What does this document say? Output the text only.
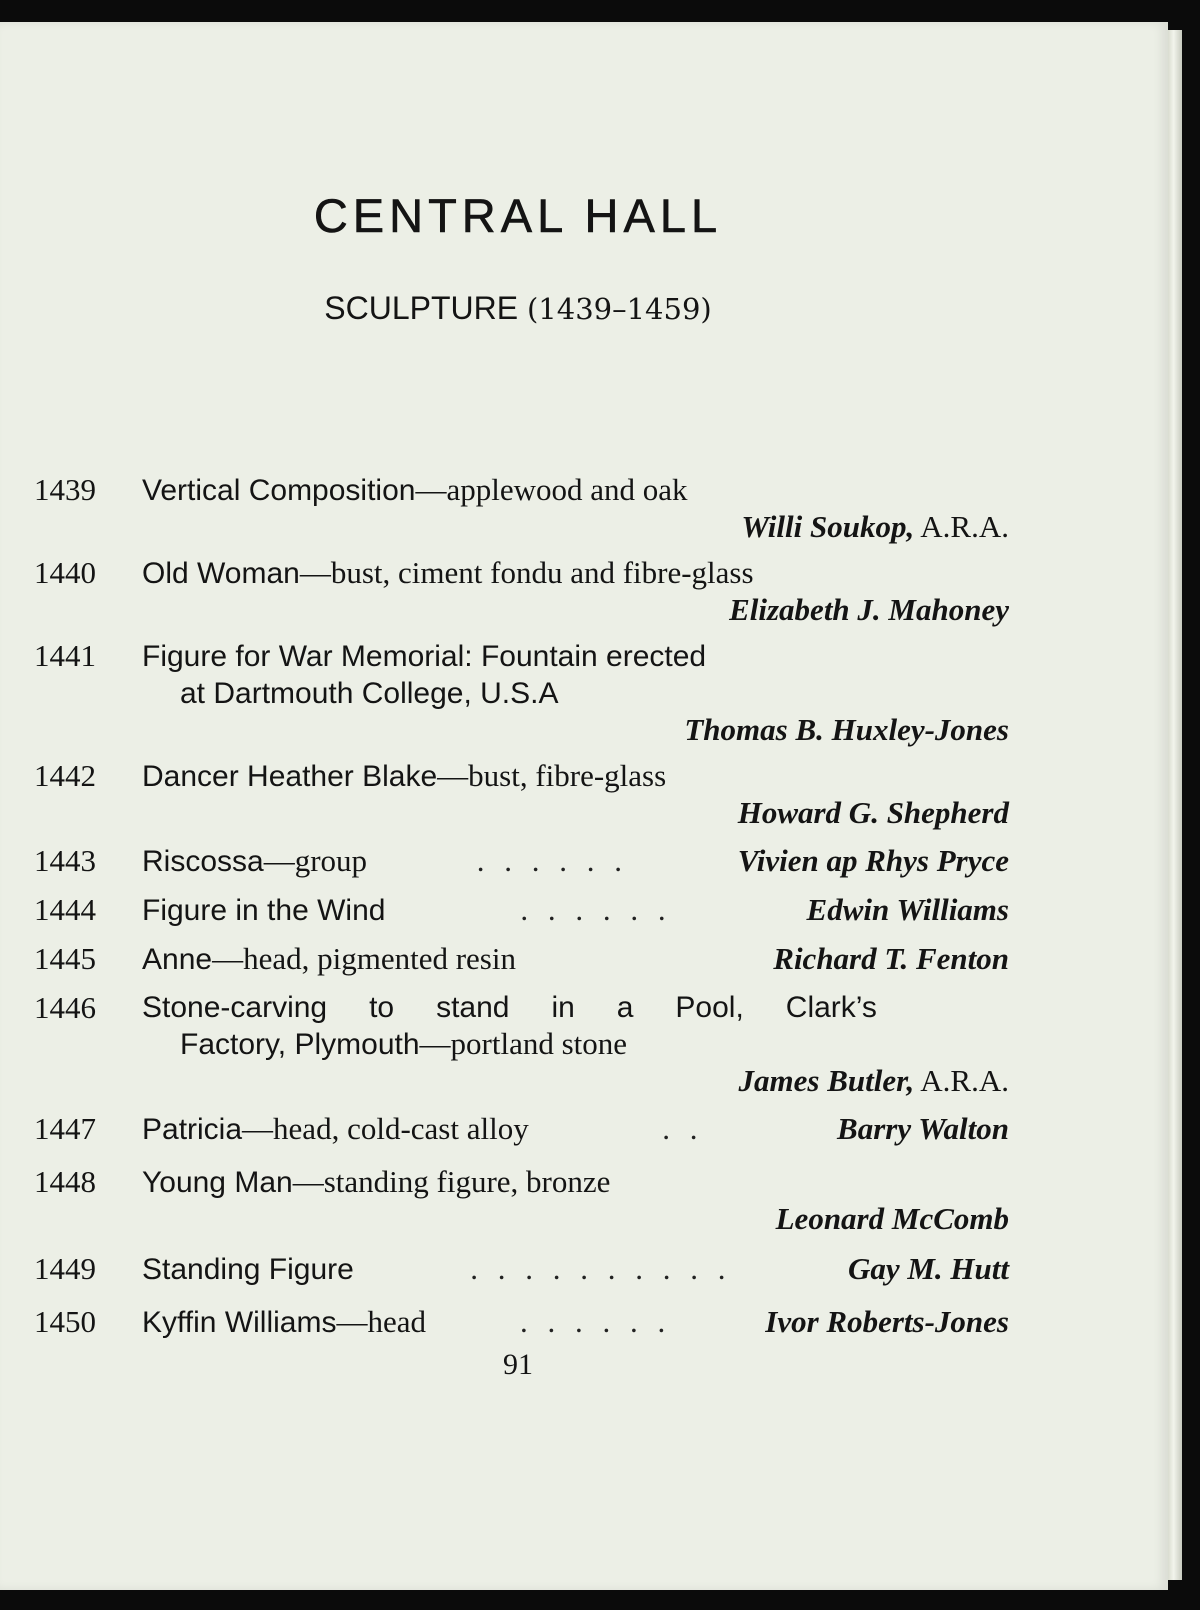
CENTRAL HALL
SCULPTURE (1439–1459)
1439	Vertical Composition—applewood and oak
Willi Soukop, A.R.A.
1440	Old Woman—bust, ciment fondu and fibre-glass
Elizabeth J. Mahoney
1441	Figure for War Memorial: Fountain erected
at Dartmouth College, U.S.A
Thomas B. Huxley-Jones
1442	Dancer Heather Blake—bust, fibre-glass
Howard G. Shepherd
1443 Riscossa—group	. . . . . .	Vivien ap Rhys Pryce
1444 Figure in the Wind	. . . . . .	Edwin Williams
1445 Anne—head, pigmented resin	Richard T. Fenton
1446 Stone-carving to stand in a Pool, Clark’s
Factory, Plymouth—portland stone
James Butler, A.R.A.
1447 Patricia—head, cold-cast alloy	. .	Barry Walton
1448	Young Man—standing figure, bronze
Leonard McComb
1449 Standing Figure	. . . . . . . . . .	Gay M. Hutt
1450 Kyffin Williams—head	. . . . . .	Ivor Roberts-Jones
91
